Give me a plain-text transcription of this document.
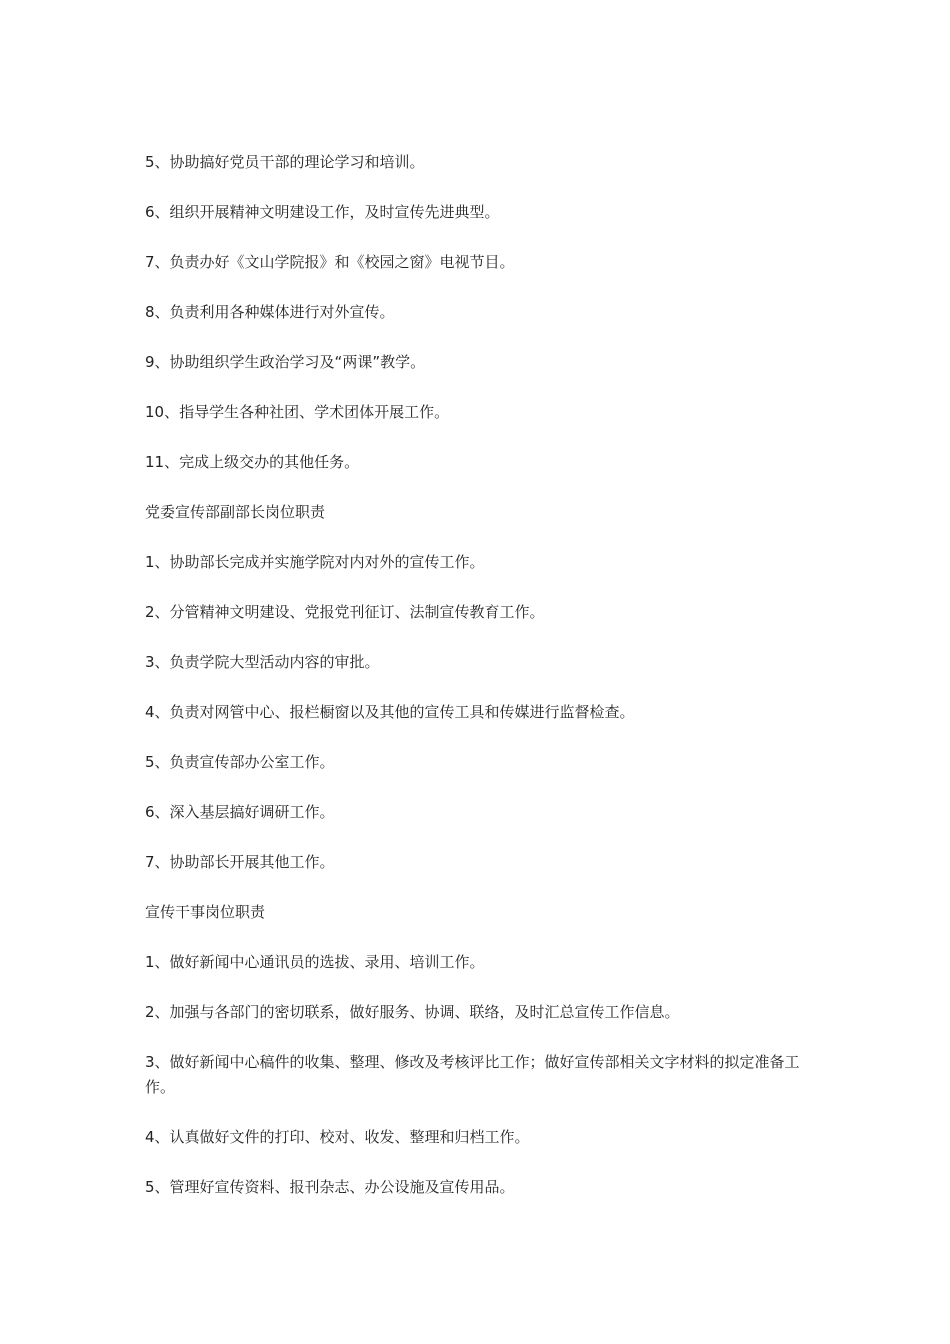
5、协助搞好党员干部的理论学习和培训。

6、组织开展精神文明建设工作，及时宣传先进典型。

7、负责办好《文山学院报》和《校园之窗》电视节目。

8、负责利用各种媒体进行对外宣传。

9、协助组织学生政治学习及“两课”教学。

10、指导学生各种社团、学术团体开展工作。

11、完成上级交办的其他任务。

党委宣传部副部长岗位职责

1、协助部长完成并实施学院对内对外的宣传工作。

2、分管精神文明建设、党报党刊征订、法制宣传教育工作。

3、负责学院大型活动内容的审批。

4、负责对网管中心、报栏橱窗以及其他的宣传工具和传媒进行监督检查。

5、负责宣传部办公室工作。

6、深入基层搞好调研工作。

7、协助部长开展其他工作。

宣传干事岗位职责

1、做好新闻中心通讯员的选拔、录用、培训工作。

2、加强与各部门的密切联系，做好服务、协调、联络，及时汇总宣传工作信息。

3、做好新闻中心稿件的收集、整理、修改及考核评比工作；做好宣传部相关文字材料的拟定准备工作。

4、认真做好文件的打印、校对、收发、整理和归档工作。

5、管理好宣传资料、报刊杂志、办公设施及宣传用品。
